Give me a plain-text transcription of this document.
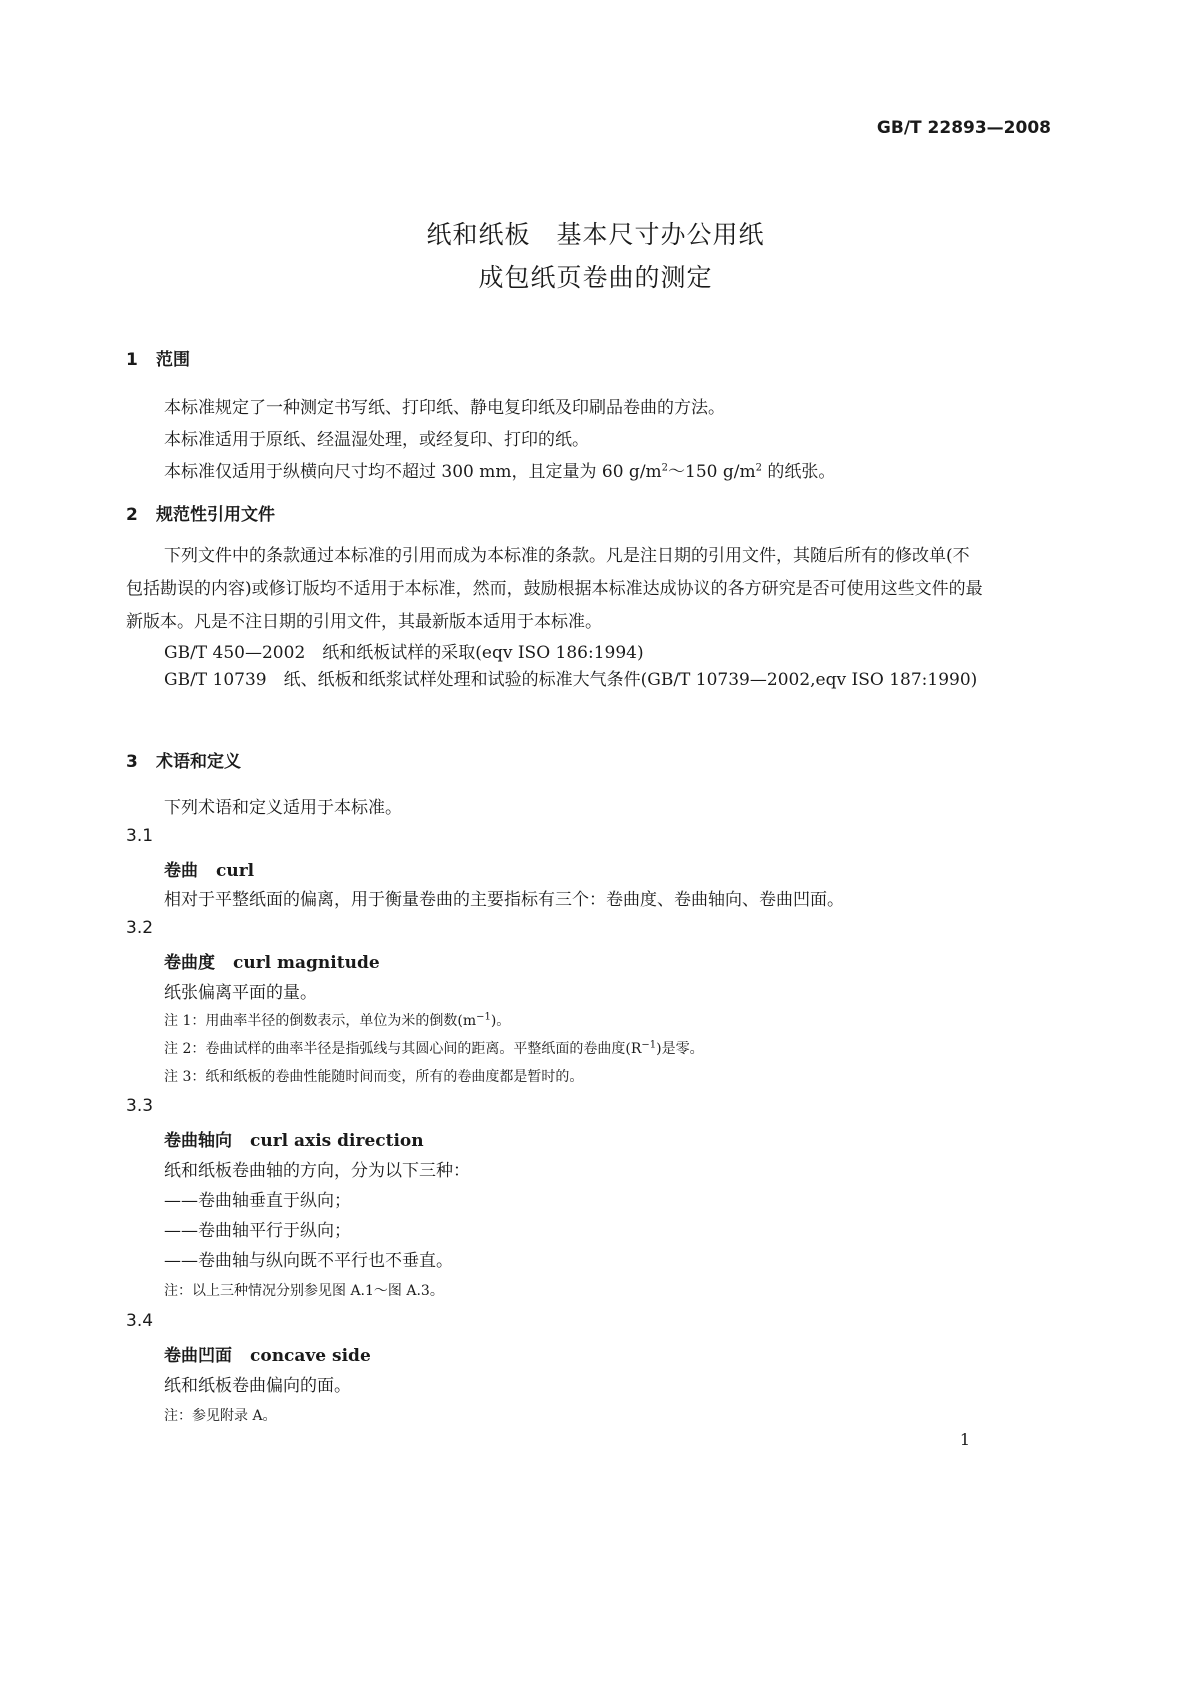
GB/T 22893—2008
纸和纸板　基本尺寸办公用纸
成包纸页卷曲的测定
1 范围
本标准规定了一种测定书写纸、打印纸、静电复印纸及印刷品卷曲的方法。
本标准适用于原纸、经温湿处理，或经复印、打印的纸。
本标准仅适用于纵横向尺寸均不超过 300 mm，且定量为 60 $g/m^2\sim 150$ $g/m^2$ 的纸张。
2 规范性引用文件
下列文件中的条款通过本标准的引用而成为本标准的条款。凡是注日期的引用文件，其随后所有的修改单(不包括勘误的内容)或修订版均不适用于本标准，然而，鼓励根据本标准达成协议的各方研究是否可使用这些文件的最新版本。凡是不注日期的引用文件，其最新版本适用于本标准。
GB/T 450—2002　纸和纸板试样的采取(eqv ISO 186:1994)
GB/T 10739　纸、纸板和纸浆试样处理和试验的标准大气条件(GB/T 10739—2002,eqv ISO 187:1990)
3 术语和定义
下列术语和定义适用于本标准。
3.1
卷曲 curl
相对于平整纸面的偏离，用于衡量卷曲的主要指标有三个：卷曲度、卷曲轴向、卷曲凹面。
3.2
卷曲度 curl magnitude
纸张偏离平面的量。
注 1：用曲率半径的倒数表示，单位为米的倒数$(m^{-1})$。
注 2：卷曲试样的曲率半径是指弧线与其圆心间的距离。平整纸面的卷曲度$(R^{-1})$是零。
注 3：纸和纸板的卷曲性能随时间而变，所有的卷曲度都是暂时的。
3.3
卷曲轴向 curl axis direction
纸和纸板卷曲轴的方向，分为以下三种：
——卷曲轴垂直于纵向；
——卷曲轴平行于纵向；
——卷曲轴与纵向既不平行也不垂直。
注：以上三种情况分别参见图 A.1～图 A.3。
3.4
卷曲凹面 concave side
纸和纸板卷曲偏向的面。
注：参见附录 A。
1
